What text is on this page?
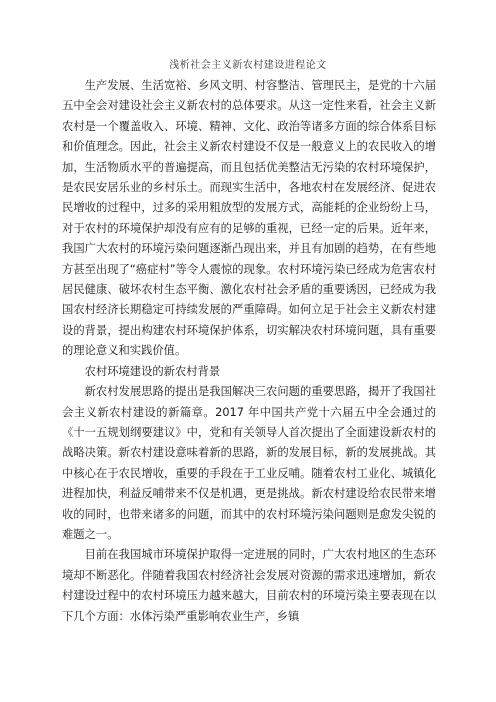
浅析社会主义新农村建设进程论文

生产发展、生活宽裕、乡风文明、村容整洁、管理民主，是党的十六届五中全会对建设社会主义新农村的总体要求。从这一定性来看，社会主义新农村是一个覆盖收入、环境、精神、文化、政治等诸多方面的综合体系目标和价值理念。因此，社会主义新农村建设不仅是一般意义上的农民收入的增加，生活物质水平的普遍提高，而且包括优美整洁无污染的农村环境保护，是农民安居乐业的乡村乐土。而现实生活中，各地农村在发展经济、促进农民增收的过程中，过多的采用粗放型的发展方式，高能耗的企业纷纷上马，对于农村的环境保护却没有应有的足够的重视，已经一定的后果。近年来，我国广大农村的环境污染问题逐渐凸现出来，并且有加剧的趋势，在有些地方甚至出现了“癌症村”等令人震惊的现象。农村环境污染已经成为危害农村居民健康、破坏农村生态平衡、激化农村社会矛盾的重要诱因，已经成为我国农村经济长期稳定可持续发展的严重障碍。如何立足于社会主义新农村建设的背景，提出构建农村环境保护体系，切实解决农村环境问题，具有重要的理论意义和实践价值。

农村环境建设的新农村背景

新农村发展思路的提出是我国解决三农问题的重要思路，揭开了我国社会主义新农村建设的新篇章。2017 年中国共产党十六届五中全会通过的《十一五规划纲要建议》中，党和有关领导人首次提出了全面建设新农村的战略决策。新农村建设意味着新的思路，新的发展目标，新的发展挑战。其中核心在于农民增收，重要的手段在于工业反哺。随着农村工业化、城镇化进程加快，利益反哺带来不仅是机遇，更是挑战。新农村建设给农民带来增收的同时，也带来诸多的问题，而其中的农村环境污染问题则是愈发尖锐的难题之一。

目前在我国城市环境保护取得一定进展的同时，广大农村地区的生态环境却不断恶化。伴随着我国农村经济社会发展对资源的需求迅速增加，新农村建设过程中的农村环境压力越来越大，目前农村的环境污染主要表现在以下几个方面：水体污染严重影响农业生产，乡镇
